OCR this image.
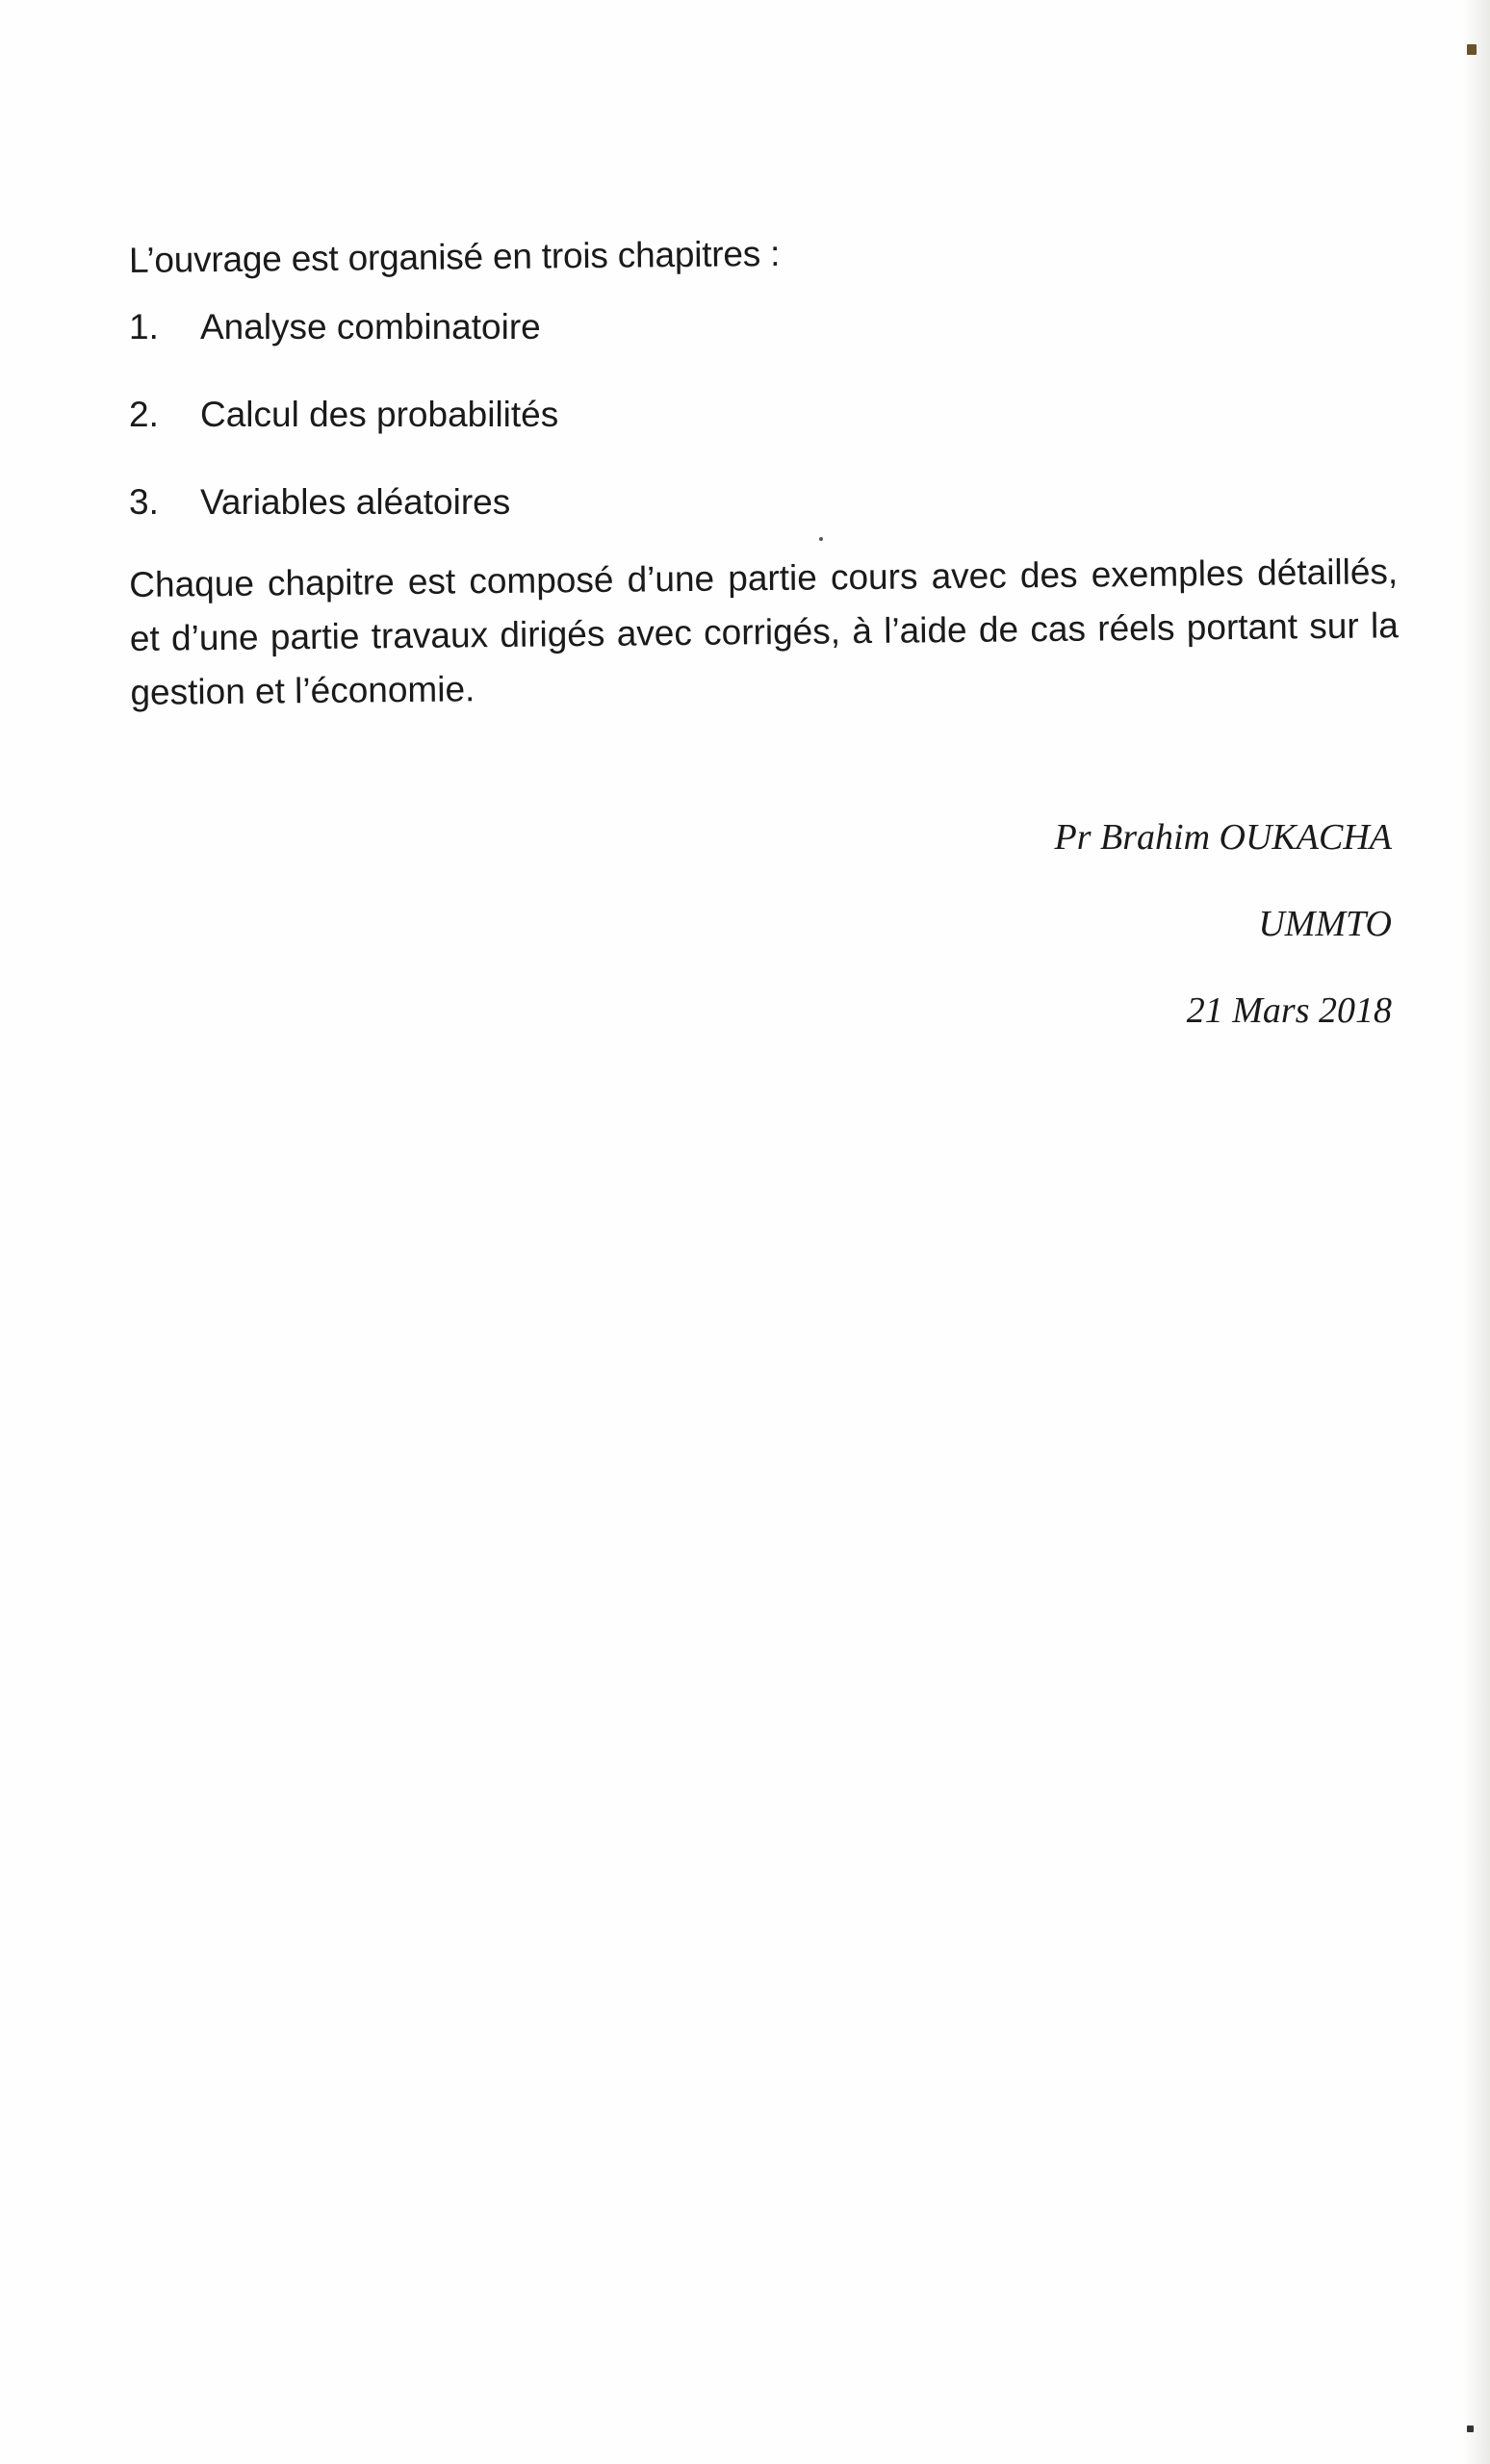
L’ouvrage est organisé en trois chapitres :

1. Analyse combinatoire
2. Calcul des probabilités
3. Variables aléatoires

Chaque chapitre est composé d’une partie cours avec des exemples détaillés, et d’une partie travaux dirigés avec corrigés, à l’aide de cas réels portant sur la gestion et l’économie.

Pr Brahim OUKACHA
UMMTO
21 Mars 2018
